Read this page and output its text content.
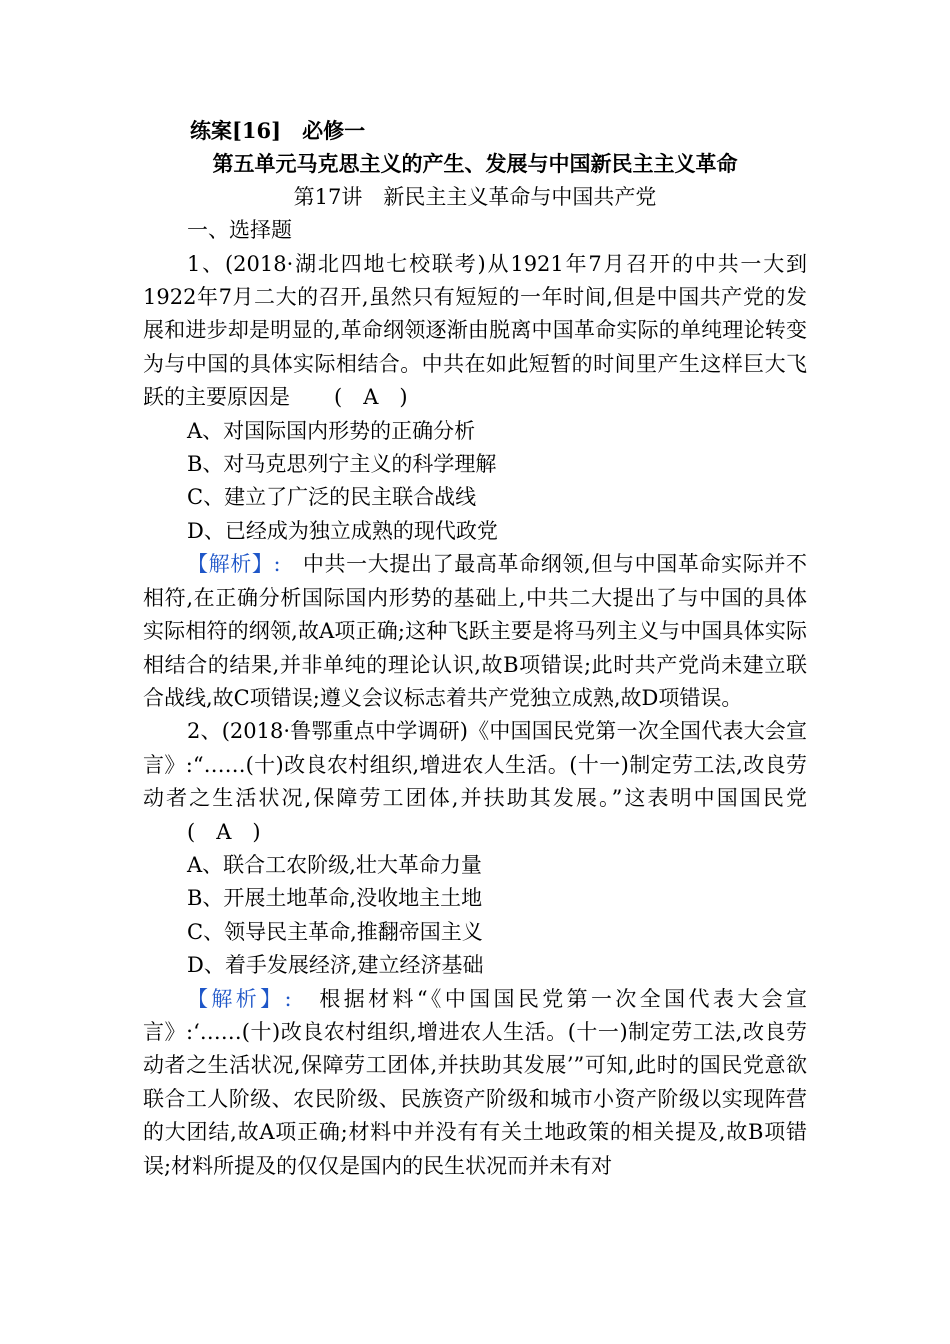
练案[16]　必修一

第五单元马克思主义的产生、发展与中国新民主主义革命

第17讲　新民主主义革命与中国共产党

一、选择题

1、(2018·湖北四地七校联考)从1921年7月召开的中共一大到1922年7月二大的召开,虽然只有短短的一年时间,但是中国共产党的发展和进步却是明显的,革命纲领逐渐由脱离中国革命实际的单纯理论转变为与中国的具体实际相结合。中共在如此短暂的时间里产生这样巨大飞跃的主要原因是 (　A　)

A、对国际国内形势的正确分析

B、对马克思列宁主义的科学理解

C、建立了广泛的民主联合战线

D、已经成为独立成熟的现代政党

【解析】:　中共一大提出了最高革命纲领,但与中国革命实际并不相符,在正确分析国际国内形势的基础上,中共二大提出了与中国的具体实际相符的纲领,故A项正确;这种飞跃主要是将马列主义与中国具体实际相结合的结果,并非单纯的理论认识,故B项错误;此时共产党尚未建立联合战线,故C项错误;遵义会议标志着共产党独立成熟,故D项错误。

2、(2018·鲁鄂重点中学调研)《中国国民党第一次全国代表大会宣言》:“……(十)改良农村组织,增进农人生活。(十一)制定劳工法,改良劳动者之生活状况,保障劳工团体,并扶助其发展。”这表明中国国民党(　A　)

A、联合工农阶级,壮大革命力量

B、开展土地革命,没收地主土地

C、领导民主革命,推翻帝国主义

D、着手发展经济,建立经济基础

【解析】:　根据材料“《中国国民党第一次全国代表大会宣言》:‘……(十)改良农村组织,增进农人生活。(十一)制定劳工法,改良劳动者之生活状况,保障劳工团体,并扶助其发展’”可知,此时的国民党意欲联合工人阶级、农民阶级、民族资产阶级和城市小资产阶级以实现阵营的大团结,故A项正确;材料中并没有有关土地政策的相关提及,故B项错误;材料所提及的仅仅是国内的民生状况而并未有对
